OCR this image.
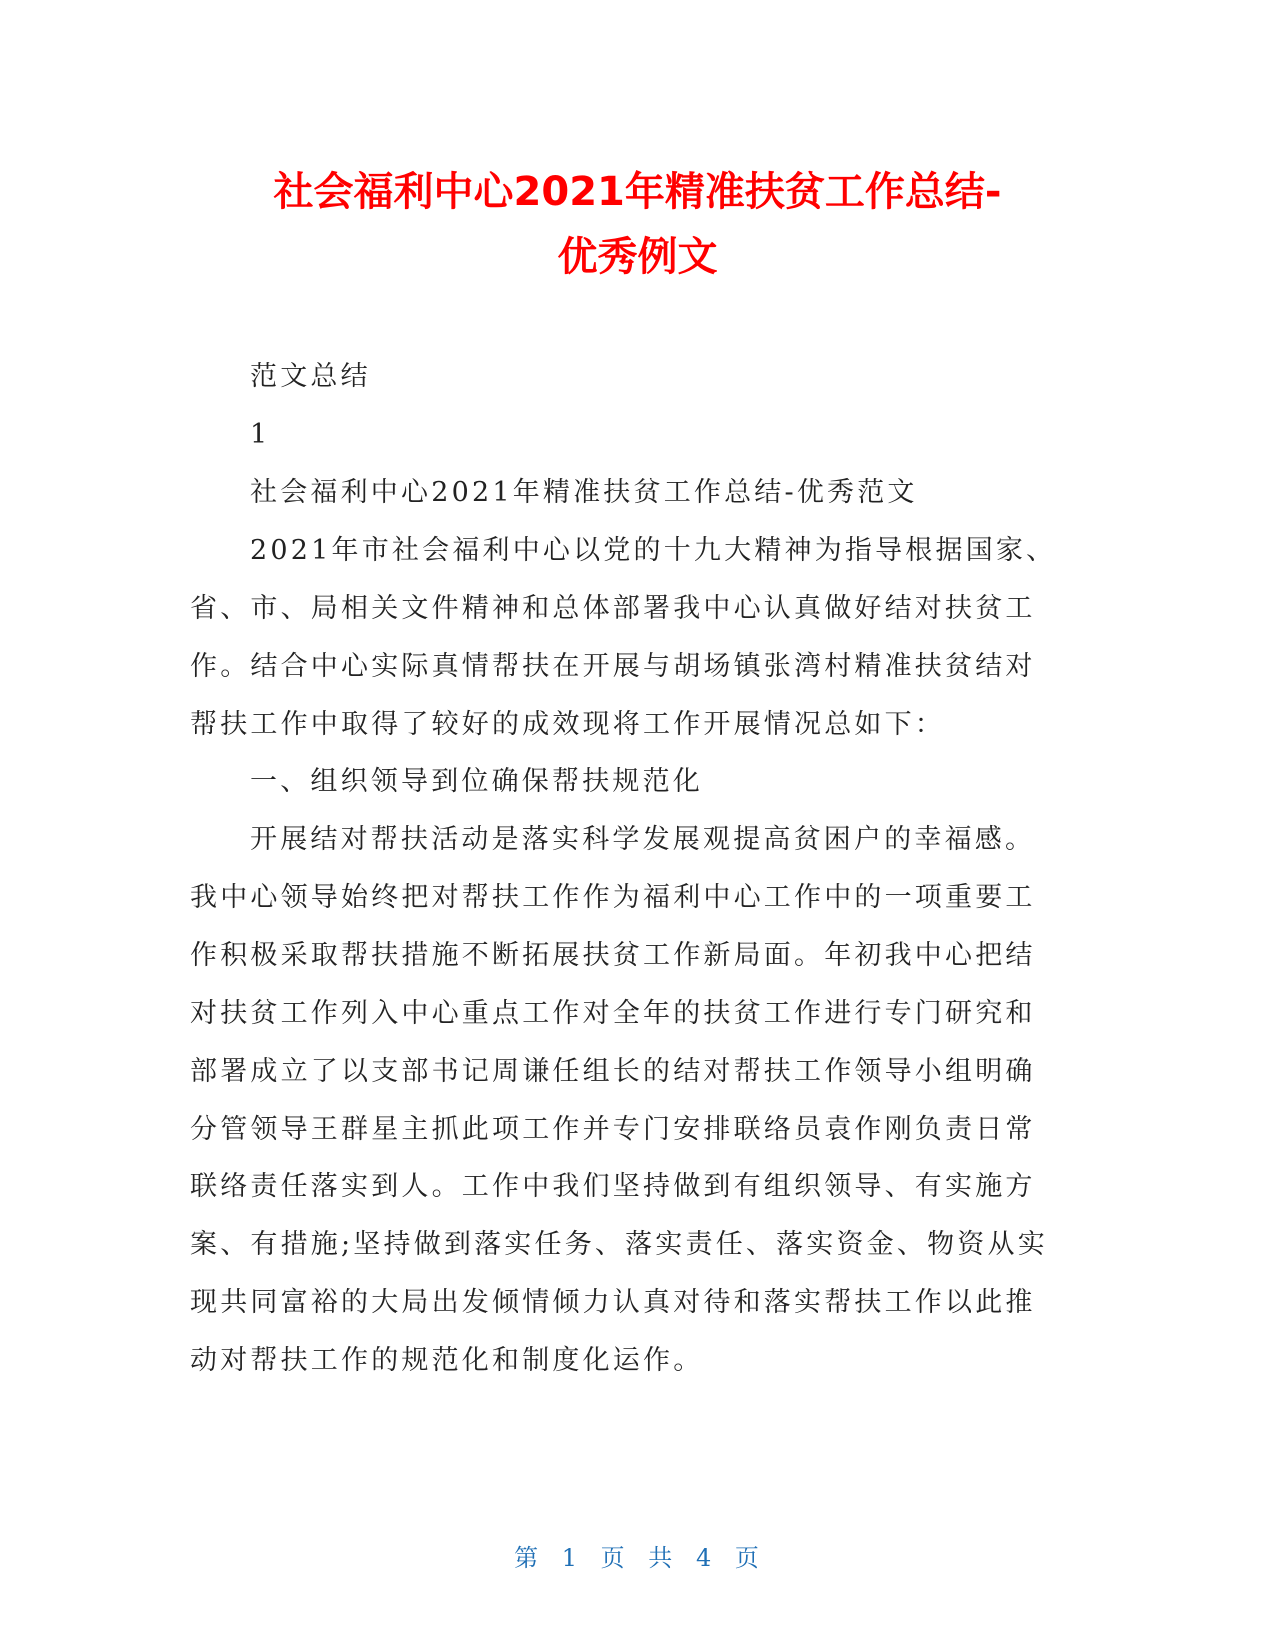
社会福利中心2021年精准扶贫工作总结-
优秀例文
范文总结
1
社会福利中心2021年精准扶贫工作总结-优秀范文
2021年市社会福利中心以党的十九大精神为指导根据国家、
省、市、局相关文件精神和总体部署我中心认真做好结对扶贫工
作。结合中心实际真情帮扶在开展与胡场镇张湾村精准扶贫结对
帮扶工作中取得了较好的成效现将工作开展情况总如下：
一、组织领导到位确保帮扶规范化
开展结对帮扶活动是落实科学发展观提高贫困户的幸福感。
我中心领导始终把对帮扶工作作为福利中心工作中的一项重要工
作积极采取帮扶措施不断拓展扶贫工作新局面。年初我中心把结
对扶贫工作列入中心重点工作对全年的扶贫工作进行专门研究和
部署成立了以支部书记周谦任组长的结对帮扶工作领导小组明确
分管领导王群星主抓此项工作并专门安排联络员袁作刚负责日常
联络责任落实到人。工作中我们坚持做到有组织领导、有实施方
案、有措施;坚持做到落实任务、落实责任、落实资金、物资从实
现共同富裕的大局出发倾情倾力认真对待和落实帮扶工作以此推
动对帮扶工作的规范化和制度化运作。
第 1 页 共 4 页
